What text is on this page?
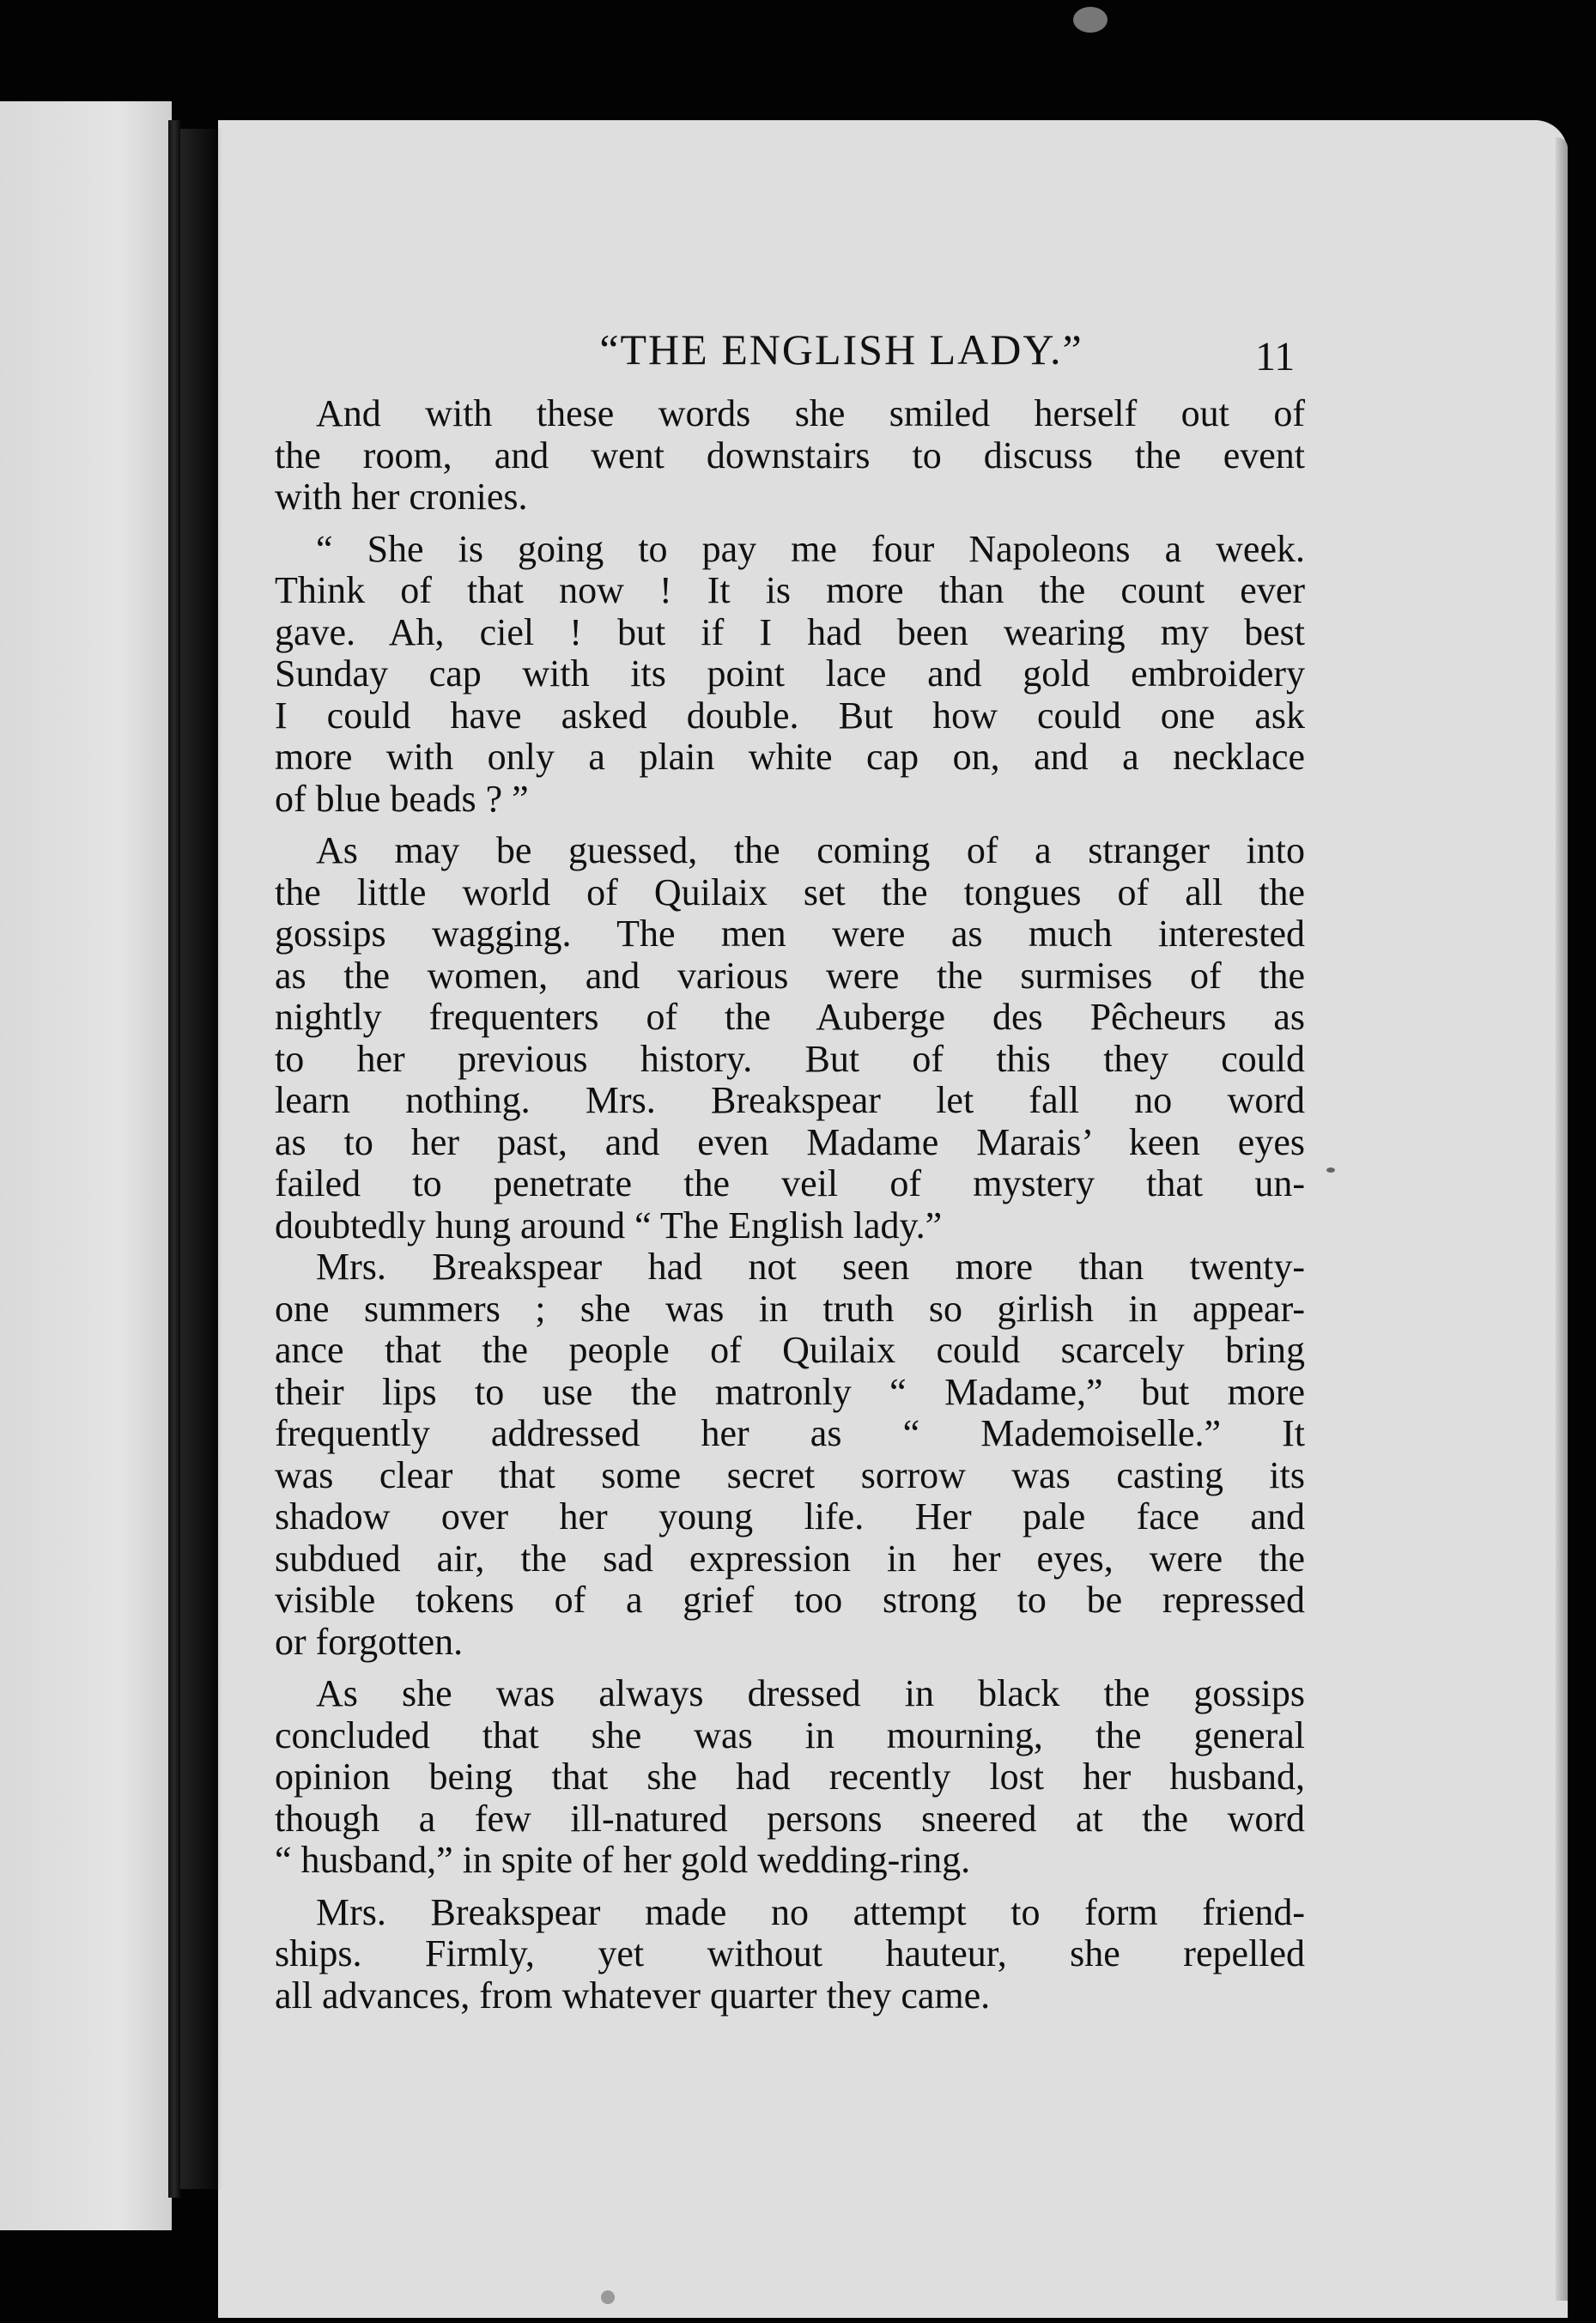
“THE ENGLISH LADY.”	11
And with these words she smiled herself out of
the room, and went downstairs to discuss the event
with her cronies.
“ She is going to pay me four Napoleons a week.
Think of that now ! It is more than the count ever
gave. Ah, ciel ! but if I had been wearing my best
Sunday cap with its point lace and gold embroidery
I could have asked double. But how could one ask
more with only a plain white cap on, and a necklace
of blue beads ? ”
As may be guessed, the coming of a stranger into
the little world of Quilaix set the tongues of all the
gossips wagging. The men were as much interested
as the women, and various were the surmises of the
nightly frequenters of the Auberge des Pêcheurs as
to her previous history. But of this they could
learn nothing. Mrs. Breakspear let fall no word
as to her past, and even Madame Marais’ keen eyes
failed to penetrate the veil of mystery that un-
doubtedly hung around “ The English lady.”
Mrs. Breakspear had not seen more than twenty-
one summers ; she was in truth so girlish in appear-
ance that the people of Quilaix could scarcely bring
their lips to use the matronly “ Madame,” but more
frequently addressed her as “ Mademoiselle.” It
was clear that some secret sorrow was casting its
shadow over her young life. Her pale face and
subdued air, the sad expression in her eyes, were the
visible tokens of a grief too strong to be repressed
or forgotten.
As she was always dressed in black the gossips
concluded that she was in mourning, the general
opinion being that she had recently lost her husband,
though a few ill-natured persons sneered at the word
“ husband,” in spite of her gold wedding-ring.
Mrs. Breakspear made no attempt to form friend-
ships. Firmly, yet without hauteur, she repelled
all advances, from whatever quarter they came.
